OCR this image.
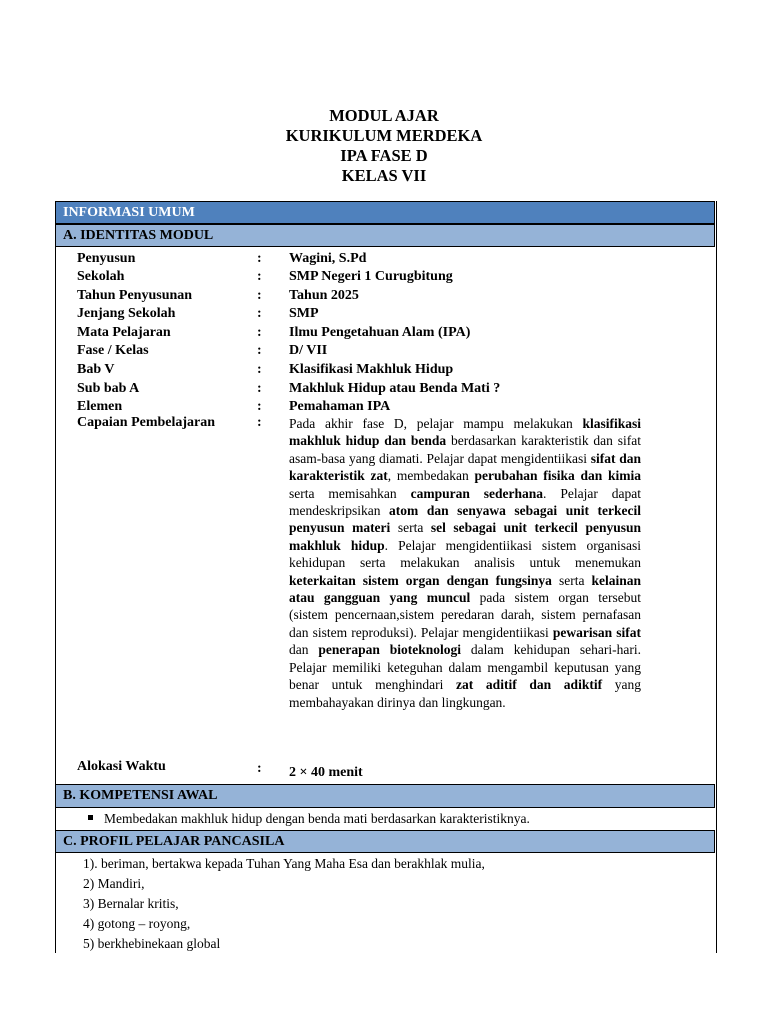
MODUL AJAR
KURIKULUM MERDEKA
IPA FASE D
KELAS VII
INFORMASI UMUM
A. IDENTITAS MODUL
Penyusun	: Wagini, S.Pd
Sekolah	: SMP Negeri 1 Curugbitung
Tahun Penyusunan	: Tahun 2025
Jenjang Sekolah	: SMP
Mata Pelajaran	: Ilmu Pengetahuan Alam (IPA)
Fase / Kelas	: D/ VII
Bab V	: Klasifikasi Makhluk Hidup
Sub bab A	: Makhluk Hidup atau Benda Mati ?
Elemen	: Pemahaman IPA
Capaian Pembelajaran	: Pada akhir fase D, pelajar mampu melakukan klasifikasi makhluk hidup dan benda berdasarkan karakteristik dan sifat asam-basa yang diamati. Pelajar dapat mengidentiikasi sifat dan karakteristik zat, membedakan perubahan fisika dan kimia serta memisahkan campuran sederhana. Pelajar dapat mendeskripsikan atom dan senyawa sebagai unit terkecil penyusun materi serta sel sebagai unit terkecil penyusun makhluk hidup. Pelajar mengidentiikasi sistem organisasi kehidupan serta melakukan analisis untuk menemukan keterkaitan sistem organ dengan fungsinya serta kelainan atau gangguan yang muncul pada sistem organ tersebut (sistem pencernaan,sistem peredaran darah, sistem pernafasan dan sistem reproduksi). Pelajar mengidentiikasi pewarisan sifat dan penerapan bioteknologi dalam kehidupan sehari-hari. Pelajar memiliki keteguhan dalam mengambil keputusan yang benar untuk menghindari zat aditif dan adiktif yang membahayakan dirinya dan lingkungan.
Alokasi Waktu	: 2 × 40 menit
B. KOMPETENSI AWAL
Membedakan makhluk hidup dengan benda mati berdasarkan karakteristiknya.
C. PROFIL PELAJAR PANCASILA
1). beriman, bertakwa kepada Tuhan Yang Maha Esa dan berakhlak mulia,
2) Mandiri,
3) Bernalar kritis,
4) gotong – royong,
5) berkhebinekaan global
